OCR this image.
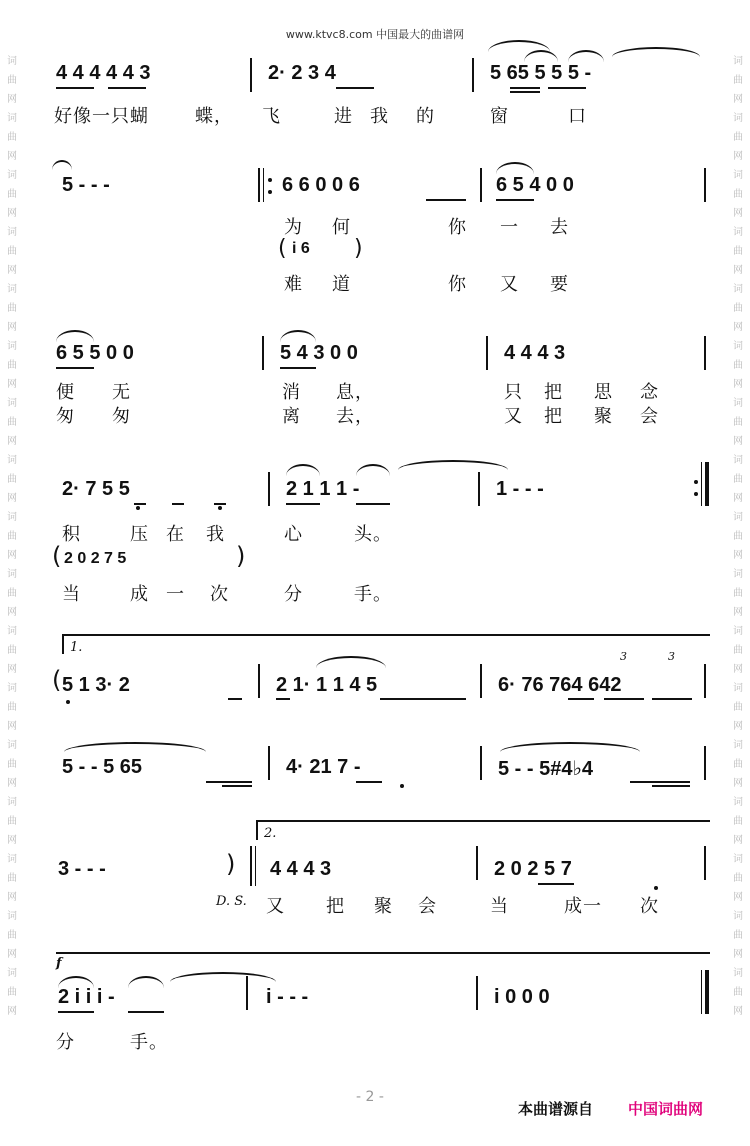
www.ktvc8.com 中国最大的曲谱网
词曲网词曲网词曲网词曲网词曲网词曲网词曲网词曲网词曲网词曲网词曲网词曲网词曲网词曲网词曲网词曲网词曲网
词曲网词曲网词曲网词曲网词曲网词曲网词曲网词曲网词曲网词曲网词曲网词曲网词曲网词曲网词曲网词曲网词曲网
4 4 4 4 4 3	2· 2 3 4	5 65 5 5 5 -
好像一只蝴	蝶， 飞	进 我 的	窗	口
5 - - -	6 6 0 0 6	6 5 4 0 0
为 何	你 一 去
( i 6 )
难 道	你 又 要
6 5 5 0 0	5 4 3 0 0	4 4 4 3
便 无	消 息，	只 把 思 念
匆 匆	离 去，	又 把 聚 会
2· 7 5 5	2 1 1 1 -	1 - - -
积	压 在 我	心	头。
( 2 0 2 7 5	)
当	成 一 次	分	手。
1.
( 5 1 3· 2	2 1· 1 1 4 5	6· 76 764 642
3	3
5 - - 5 65	4· 21 7 -	5 - - 5#4♭4
2.
3 - - -	) 4 4 4 3	2 0 2 5 7
D. S. 又 把 聚 会	当	成一 次
f
2 i i i -	i - - -	i 0 0 0
分	手。
- 2 -
本曲谱源自 中国词曲网
